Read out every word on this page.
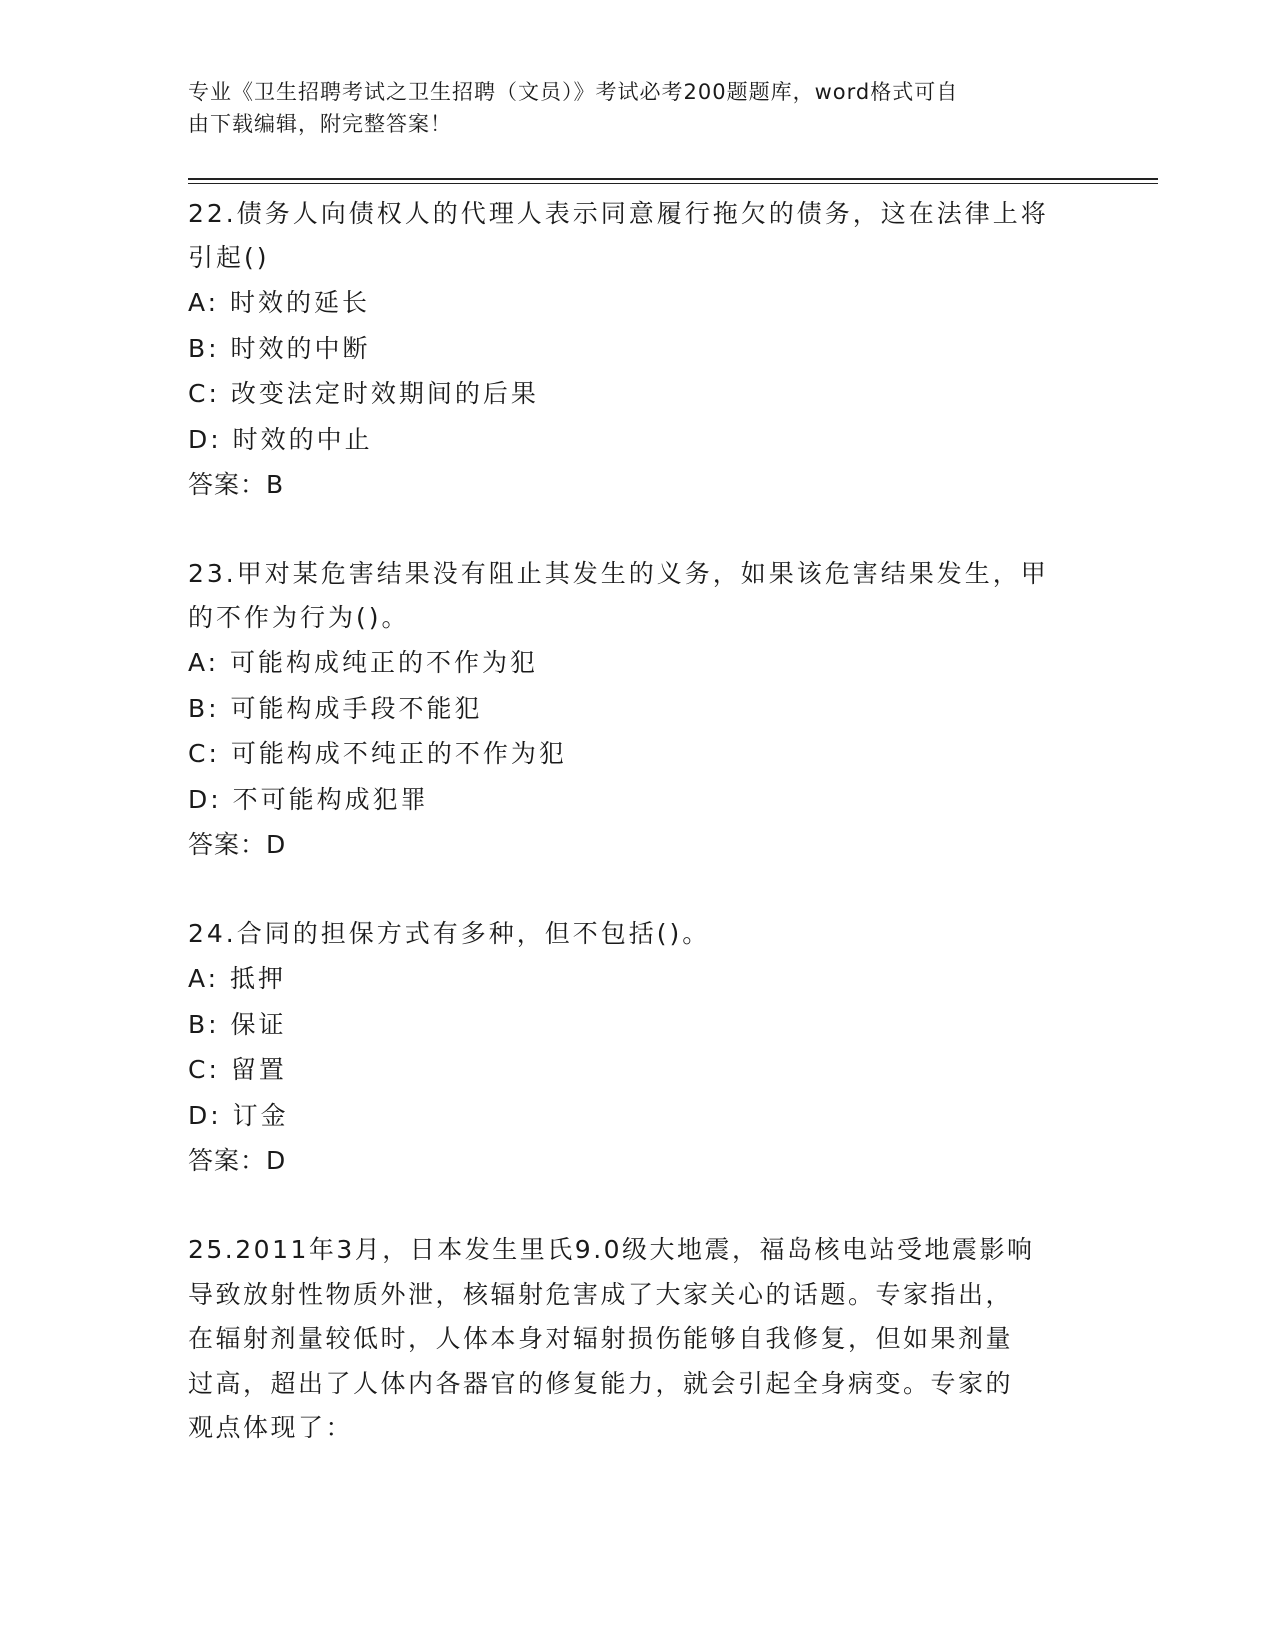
专业《卫生招聘考试之卫生招聘（文员）》考试必考200题题库，word格式可自
由下载编辑，附完整答案！

22.债务人向债权人的代理人表示同意履行拖欠的债务，这在法律上将

引起()

A: 时效的延长

B: 时效的中断

C: 改变法定时效期间的后果

D: 时效的中止

答案：B

23.甲对某危害结果没有阻止其发生的义务，如果该危害结果发生，甲

的不作为行为()。

A: 可能构成纯正的不作为犯

B: 可能构成手段不能犯

C: 可能构成不纯正的不作为犯

D: 不可能构成犯罪

答案：D

24.合同的担保方式有多种，但不包括()。

A: 抵押

B: 保证

C: 留置

D: 订金

答案：D

25.2011年3月，日本发生里氏9.0级大地震，福岛核电站受地震影响

导致放射性物质外泄，核辐射危害成了大家关心的话题。专家指出，

在辐射剂量较低时，人体本身对辐射损伤能够自我修复，但如果剂量

过高，超出了人体内各器官的修复能力，就会引起全身病变。专家的

观点体现了：
